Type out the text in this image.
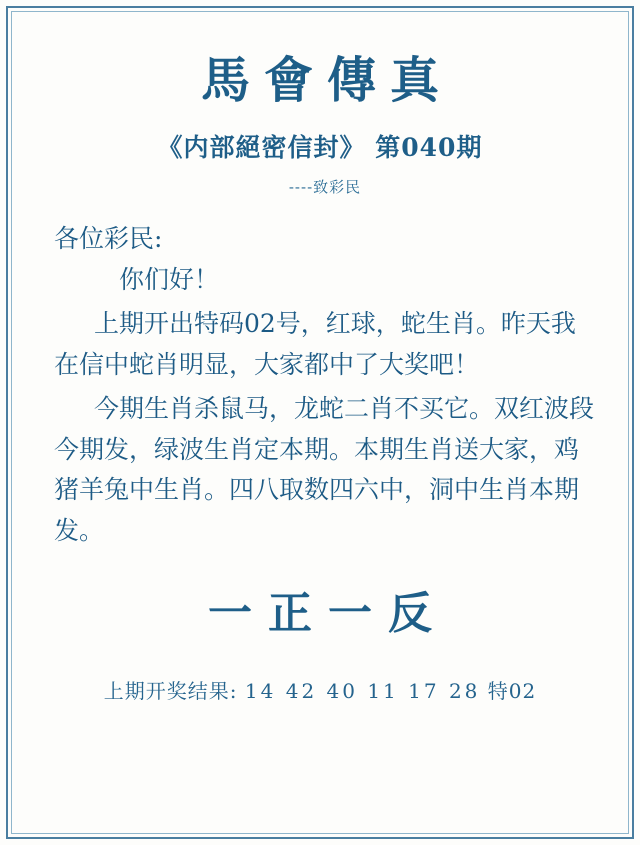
馬會傳真
《内部絕密信封》 第040期
----致彩民
各位彩民:
你们好！
上期开出特码02号，红球，蛇生肖。昨天我在信中蛇肖明显，大家都中了大奖吧！
今期生肖杀鼠马，龙蛇二肖不买它。双红波段今期发，绿波生肖定本期。本期生肖送大家，鸡猪羊兔中生肖。四八取数四六中，洞中生肖本期发。
一正一反
上期开奖结果: 14 42 40 11 17 28 特02
